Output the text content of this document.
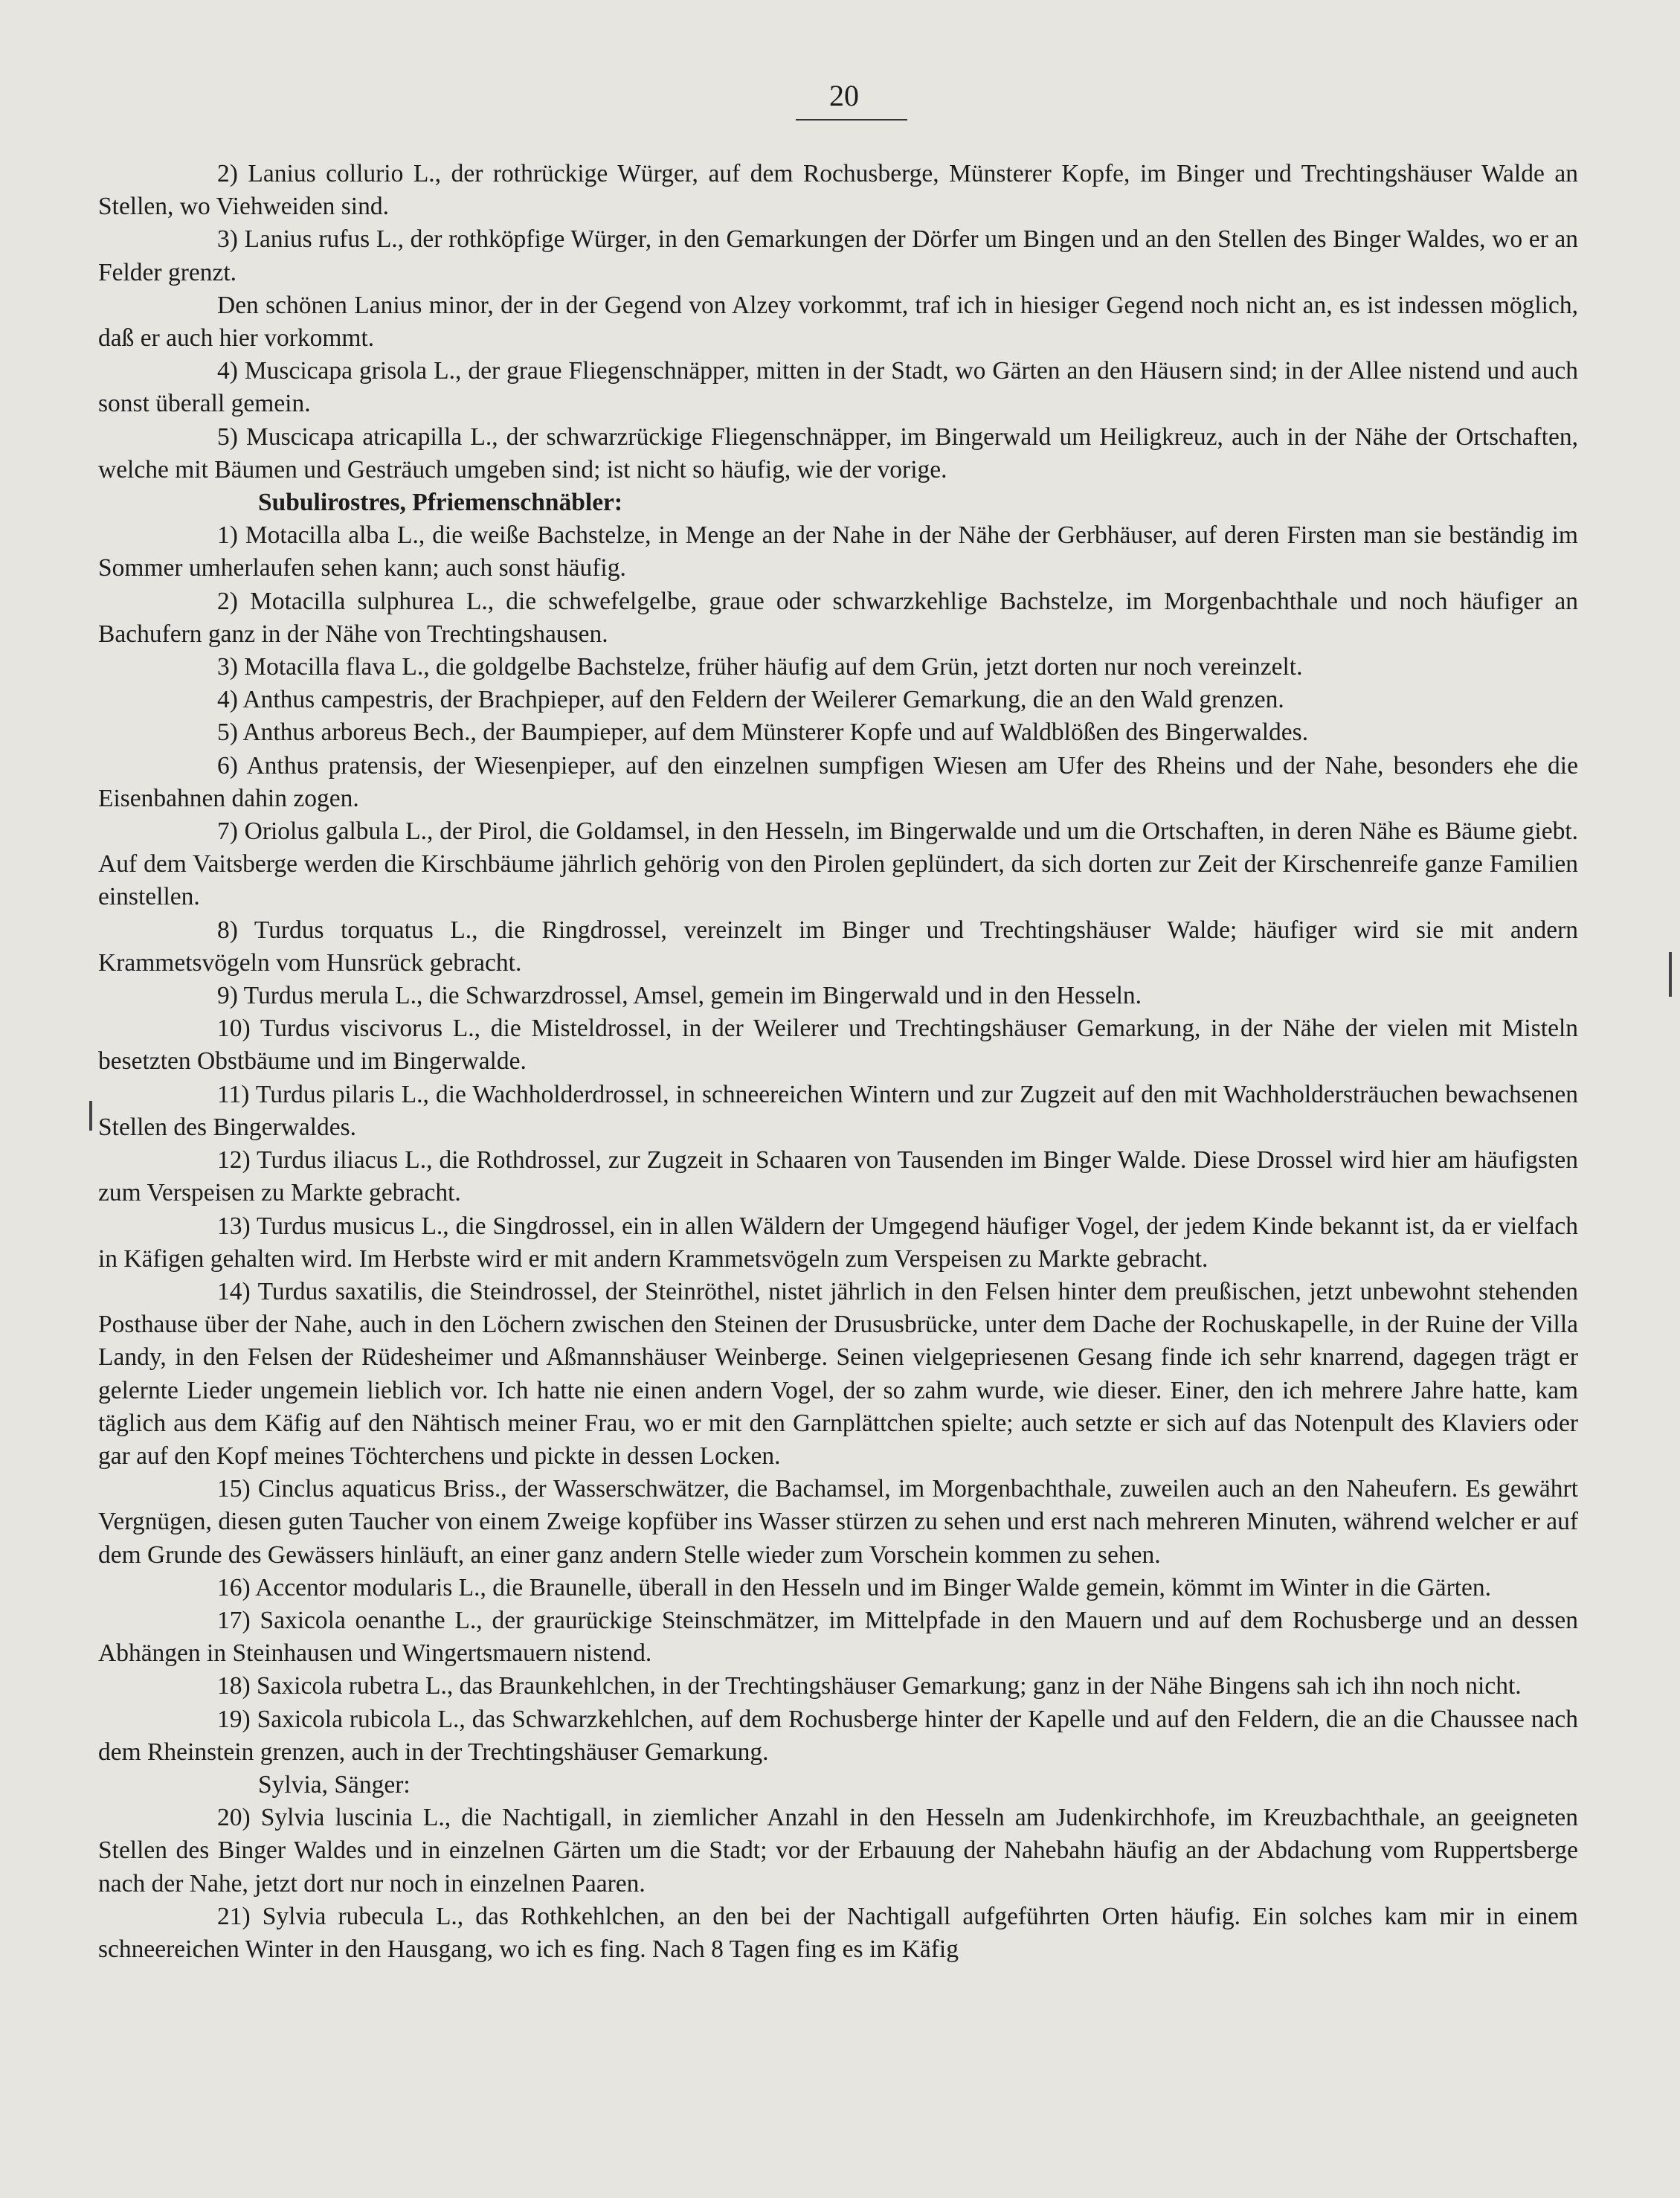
20

2) Lanius collurio L., der rothrückige Würger, auf dem Rochusberge, Münsterer Kopfe, im Binger und Trechtingshäuser Walde an Stellen, wo Viehweiden sind.

3) Lanius rufus L., der rothköpfige Würger, in den Gemarkungen der Dörfer um Bingen und an den Stellen des Binger Waldes, wo er an Felder grenzt.

Den schönen Lanius minor, der in der Gegend von Alzey vorkommt, traf ich in hiesiger Gegend noch nicht an, es ist indessen möglich, daß er auch hier vorkommt.

4) Muscicapa grisola L., der graue Fliegenschnäpper, mitten in der Stadt, wo Gärten an den Häusern sind; in der Allee nistend und auch sonst überall gemein.

5) Muscicapa atricapilla L., der schwarzrückige Fliegenschnäpper, im Bingerwald um Heiligkreuz, auch in der Nähe der Ortschaften, welche mit Bäumen und Gesträuch umgeben sind; ist nicht so häufig, wie der vorige.

Subulirostres, Pfriemenschnäbler:

1) Motacilla alba L., die weiße Bachstelze, in Menge an der Nahe in der Nähe der Gerbhäuser, auf deren Firsten man sie beständig im Sommer umherlaufen sehen kann; auch sonst häufig.

2) Motacilla sulphurea L., die schwefelgelbe, graue oder schwarzkehlige Bachstelze, im Morgenbachthale und noch häufiger an Bachufern ganz in der Nähe von Trechtingshausen.

3) Motacilla flava L., die goldgelbe Bachstelze, früher häufig auf dem Grün, jetzt dorten nur noch vereinzelt.

4) Anthus campestris, der Brachpieper, auf den Feldern der Weilerer Gemarkung, die an den Wald grenzen.

5) Anthus arboreus Bech., der Baumpieper, auf dem Münsterer Kopfe und auf Waldblößen des Bingerwaldes.

6) Anthus pratensis, der Wiesenpieper, auf den einzelnen sumpfigen Wiesen am Ufer des Rheins und der Nahe, besonders ehe die Eisenbahnen dahin zogen.

7) Oriolus galbula L., der Pirol, die Goldamsel, in den Hesseln, im Bingerwalde und um die Ortschaften, in deren Nähe es Bäume giebt. Auf dem Vaitsberge werden die Kirschbäume jährlich gehörig von den Pirolen geplündert, da sich dorten zur Zeit der Kirschenreife ganze Familien einstellen.

8) Turdus torquatus L., die Ringdrossel, vereinzelt im Binger und Trechtingshäuser Walde; häufiger wird sie mit andern Krammetsvögeln vom Hunsrück gebracht.

9) Turdus merula L., die Schwarzdrossel, Amsel, gemein im Bingerwald und in den Hesseln.

10) Turdus viscivorus L., die Misteldrossel, in der Weilerer und Trechtingshäuser Gemarkung, in der Nähe der vielen mit Misteln besetzten Obstbäume und im Bingerwalde.

11) Turdus pilaris L., die Wachholderdrossel, in schneereichen Wintern und zur Zugzeit auf den mit Wachholdersträuchen bewachsenen Stellen des Bingerwaldes.

12) Turdus iliacus L., die Rothdrossel, zur Zugzeit in Schaaren von Tausenden im Binger Walde. Diese Drossel wird hier am häufigsten zum Verspeisen zu Markte gebracht.

13) Turdus musicus L., die Singdrossel, ein in allen Wäldern der Umgegend häufiger Vogel, der jedem Kinde bekannt ist, da er vielfach in Käfigen gehalten wird. Im Herbste wird er mit andern Krammetsvögeln zum Verspeisen zu Markte gebracht.

14) Turdus saxatilis, die Steindrossel, der Steinröthel, nistet jährlich in den Felsen hinter dem preußischen, jetzt unbewohnt stehenden Posthause über der Nahe, auch in den Löchern zwischen den Steinen der Drususbrücke, unter dem Dache der Rochuskapelle, in der Ruine der Villa Landy, in den Felsen der Rüdesheimer und Aßmannshäuser Weinberge. Seinen vielgepriesenen Gesang finde ich sehr knarrend, dagegen trägt er gelernte Lieder ungemein lieblich vor. Ich hatte nie einen andern Vogel, der so zahm wurde, wie dieser. Einer, den ich mehrere Jahre hatte, kam täglich aus dem Käfig auf den Nähtisch meiner Frau, wo er mit den Garnplättchen spielte; auch setzte er sich auf das Notenpult des Klaviers oder gar auf den Kopf meines Töchterchens und pickte in dessen Locken.

15) Cinclus aquaticus Briss., der Wasserschwätzer, die Bachamsel, im Morgenbachthale, zuweilen auch an den Naheufern. Es gewährt Vergnügen, diesen guten Taucher von einem Zweige kopfüber ins Wasser stürzen zu sehen und erst nach mehreren Minuten, während welcher er auf dem Grunde des Gewässers hinläuft, an einer ganz andern Stelle wieder zum Vorschein kommen zu sehen.

16) Accentor modularis L., die Braunelle, überall in den Hesseln und im Binger Walde gemein, kömmt im Winter in die Gärten.

17) Saxicola oenanthe L., der graurückige Steinschmätzer, im Mittelpfade in den Mauern und auf dem Rochusberge und an dessen Abhängen in Steinhausen und Wingertsmauern nistend.

18) Saxicola rubetra L., das Braunkehlchen, in der Trechtingshäuser Gemarkung; ganz in der Nähe Bingens sah ich ihn noch nicht.

19) Saxicola rubicola L., das Schwarzkehlchen, auf dem Rochusberge hinter der Kapelle und auf den Feldern, die an die Chaussee nach dem Rheinstein grenzen, auch in der Trechtingshäuser Gemarkung.

Sylvia, Sänger:

20) Sylvia luscinia L., die Nachtigall, in ziemlicher Anzahl in den Hesseln am Judenkirchhofe, im Kreuzbachthale, an geeigneten Stellen des Binger Waldes und in einzelnen Gärten um die Stadt; vor der Erbauung der Nahebahn häufig an der Abdachung vom Ruppertsberge nach der Nahe, jetzt dort nur noch in einzelnen Paaren.

21) Sylvia rubecula L., das Rothkehlchen, an den bei der Nachtigall aufgeführten Orten häufig. Ein solches kam mir in einem schneereichen Winter in den Hausgang, wo ich es fing. Nach 8 Tagen fing es im Käfig
